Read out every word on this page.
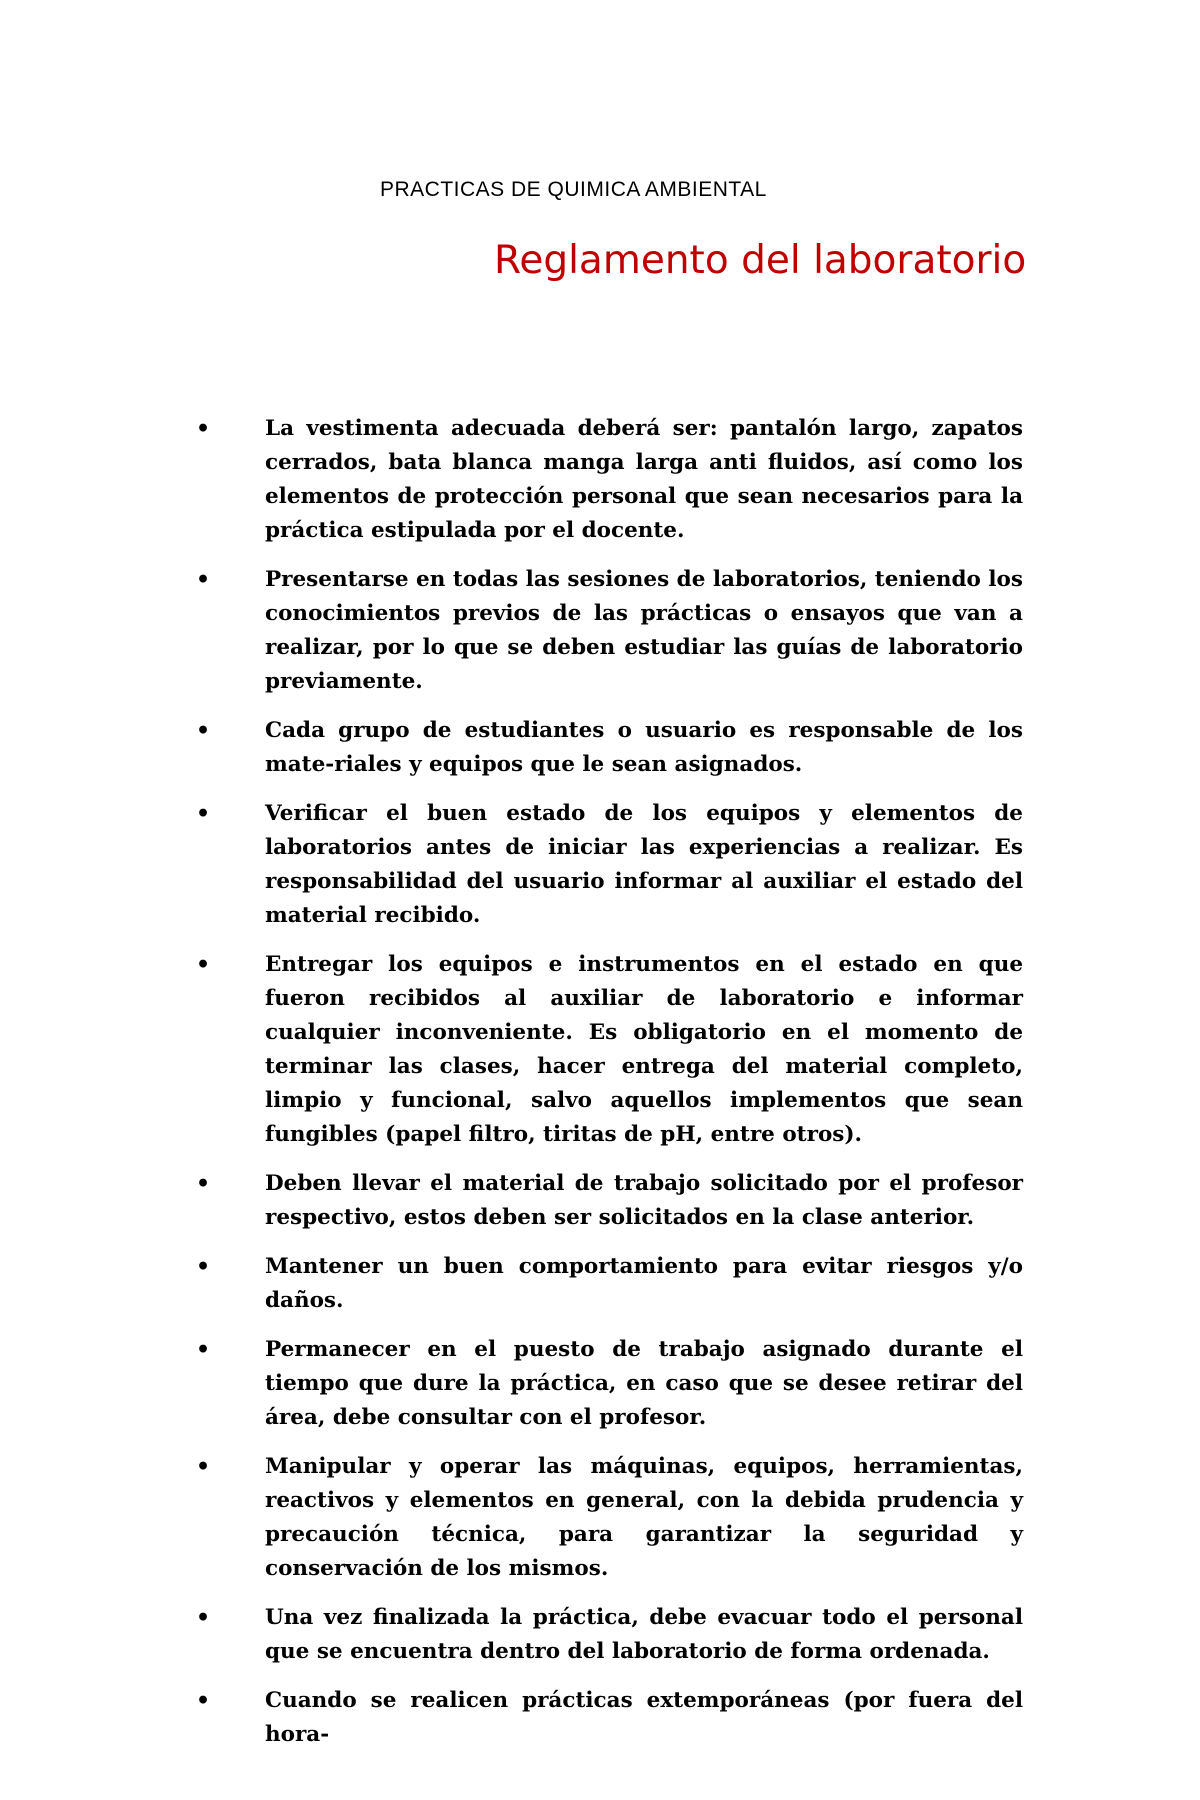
PRACTICAS DE QUIMICA AMBIENTAL
Reglamento del laboratorio
•	La vestimenta adecuada deberá ser: pantalón largo, zapatos cerrados, bata blanca manga larga anti fluidos, así como los elementos de protección personal que sean necesarios para la práctica estipulada por el docente.
•	Presentarse en todas las sesiones de laboratorios, teniendo los conocimientos previos de las prácticas o ensayos que van a realizar, por lo que se deben estudiar las guías de laboratorio previamente.
•	Cada grupo de estudiantes o usuario es responsable de los mate-riales y equipos que le sean asignados.
•	Verificar el buen estado de los equipos y elementos de laboratorios antes de iniciar las experiencias a realizar. Es responsabilidad del usuario informar al auxiliar el estado del material recibido.
•	Entregar los equipos e instrumentos en el estado en que fueron recibidos al auxiliar de laboratorio e informar cualquier inconveniente. Es obligatorio en el momento de terminar las clases, hacer entrega del material completo, limpio y funcional, salvo aquellos implementos que sean fungibles (papel filtro, tiritas de pH, entre otros).
•	Deben llevar el material de trabajo solicitado por el profesor respectivo, estos deben ser solicitados en la clase anterior.
•	Mantener un buen comportamiento para evitar riesgos y/o daños.
•	Permanecer en el puesto de trabajo asignado durante el tiempo que dure la práctica, en caso que se desee retirar del área, debe consultar con el profesor.
•	Manipular y operar las máquinas, equipos, herramientas, reactivos y elementos en general, con la debida prudencia y precaución técnica, para garantizar la seguridad y conservación de los mismos.
•	Una vez finalizada la práctica, debe evacuar todo el personal que se encuentra dentro del laboratorio de forma ordenada.
•	Cuando se realicen prácticas extemporáneas (por fuera del hora-
